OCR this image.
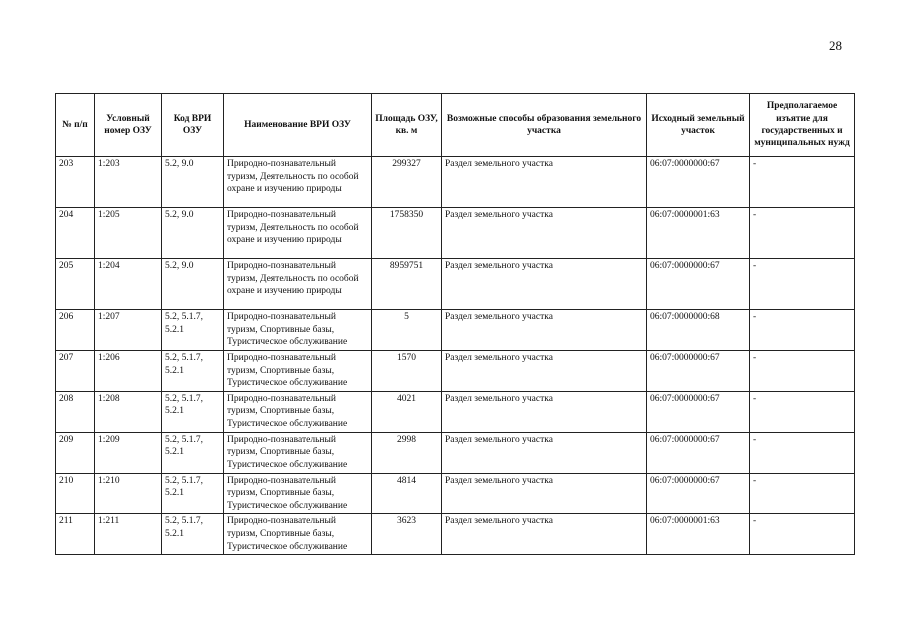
28
№ п/п	Условный номер ОЗУ	Код ВРИ ОЗУ	Наименование ВРИ ОЗУ	Площадь ОЗУ, кв. м	Возможные способы образования земельного участка	Исходный земельный участок	Предполагаемое изъятие для государственных и муниципальных нужд
203	1:203	5.2, 9.0	Природно-познавательный туризм, Деятельность по особой охране и изучению природы	299327	Раздел земельного участка	06:07:0000000:67	-
204	1:205	5.2, 9.0	Природно-познавательный туризм, Деятельность по особой охране и изучению природы	1758350	Раздел земельного участка	06:07:0000001:63	-
205	1:204	5.2, 9.0	Природно-познавательный туризм, Деятельность по особой охране и изучению природы	8959751	Раздел земельного участка	06:07:0000000:67	-
206	1:207	5.2, 5.1.7, 5.2.1	Природно-познавательный туризм, Спортивные базы, Туристическое обслуживание	5	Раздел земельного участка	06:07:0000000:68	-
207	1:206	5.2, 5.1.7, 5.2.1	Природно-познавательный туризм, Спортивные базы, Туристическое обслуживание	1570	Раздел земельного участка	06:07:0000000:67	-
208	1:208	5.2, 5.1.7, 5.2.1	Природно-познавательный туризм, Спортивные базы, Туристическое обслуживание	4021	Раздел земельного участка	06:07:0000000:67	-
209	1:209	5.2, 5.1.7, 5.2.1	Природно-познавательный туризм, Спортивные базы, Туристическое обслуживание	2998	Раздел земельного участка	06:07:0000000:67	-
210	1:210	5.2, 5.1.7, 5.2.1	Природно-познавательный туризм, Спортивные базы, Туристическое обслуживание	4814	Раздел земельного участка	06:07:0000000:67	-
211	1:211	5.2, 5.1.7, 5.2.1	Природно-познавательный туризм, Спортивные базы, Туристическое обслуживание	3623	Раздел земельного участка	06:07:0000001:63	-
